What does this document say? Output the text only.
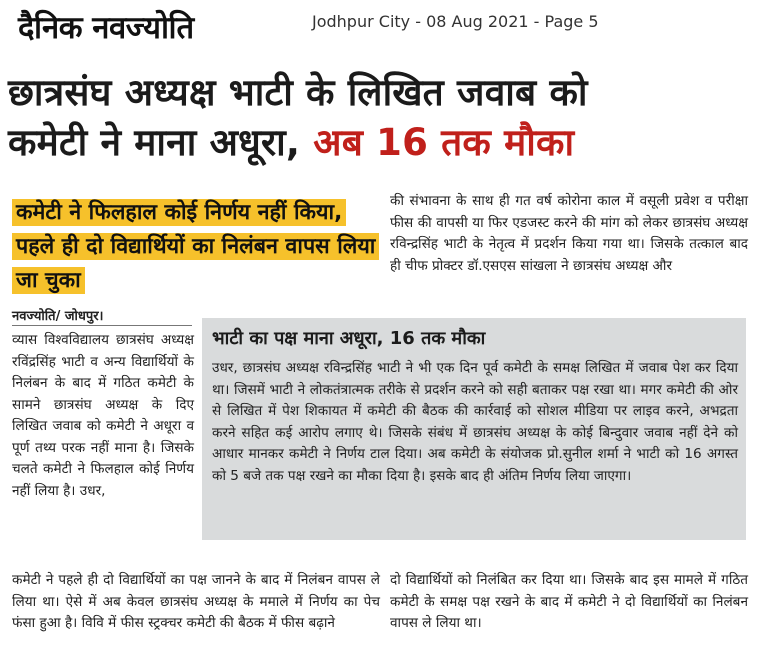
दैनिक नवज्योति	Jodhpur City - 08 Aug 2021 - Page 5
छात्रसंघ अध्यक्ष भाटी के लिखित जवाब को
कमेटी ने माना अधूरा, अब 16 तक मौका
कमेटी ने फिलहाल कोई निर्णय नहीं किया, पहले ही दो विद्यार्थियों का निलंबन वापस लिया जा चुका
नवज्योति/ जोधपुर।
व्यास विश्वविद्यालय छात्रसंघ अध्यक्ष रविंद्रसिंह भाटी व अन्य विद्यार्थियों के निलंबन के बाद में गठित कमेटी के सामने छात्रसंघ अध्यक्ष के दिए लिखित जवाब को कमेटी ने अधूरा व पूर्ण तथ्य परक नहीं माना है। जिसके चलते कमेटी ने फिलहाल कोई निर्णय नहीं लिया है। उधर,
की संभावना के साथ ही गत वर्ष कोरोना काल में वसूली प्रवेश व परीक्षा फीस की वापसी या फिर एडजस्ट करने की मांग को लेकर छात्रसंघ अध्यक्ष रविन्द्रसिंह भाटी के नेतृत्व में प्रदर्शन किया गया था। जिसके तत्काल बाद ही चीफ प्रोक्टर डॉ.एसएस सांखला ने छात्रसंघ अध्यक्ष और
भाटी का पक्ष माना अधूरा, 16 तक मौका
उधर, छात्रसंघ अध्यक्ष रविन्द्रसिंह भाटी ने भी एक दिन पूर्व कमेटी के समक्ष लिखित में जवाब पेश कर दिया था। जिसमें भाटी ने लोकतंत्रात्मक तरीके से प्रदर्शन करने को सही बताकर पक्ष रखा था। मगर कमेटी की ओर से लिखित में पेश शिकायत में कमेटी की बैठक की कार्रवाई को सोशल मीडिया पर लाइव करने, अभद्रता करने सहित कई आरोप लगाए थे। जिसके संबंध में छात्रसंघ अध्यक्ष के कोई बिन्दुवार जवाब नहीं देने को आधार मानकर कमेटी ने निर्णय टाल दिया। अब कमेटी के संयोजक प्रो.सुनील शर्मा ने भाटी को 16 अगस्त को 5 बजे तक पक्ष रखने का मौका दिया है। इसके बाद ही अंतिम निर्णय लिया जाएगा।
कमेटी ने पहले ही दो विद्यार्थियों का पक्ष जानने के बाद में निलंबन वापस ले लिया था। ऐसे में अब केवल छात्रसंघ अध्यक्ष के ममाले में निर्णय का पेच फंसा हुआ है। विवि में फीस स्ट्रक्चर कमेटी की बैठक में फीस बढ़ाने
दो विद्यार्थियों को निलंबित कर दिया था। जिसके बाद इस मामले में गठित कमेटी के समक्ष पक्ष रखने के बाद में कमेटी ने दो विद्यार्थियों का निलंबन वापस ले लिया था।
